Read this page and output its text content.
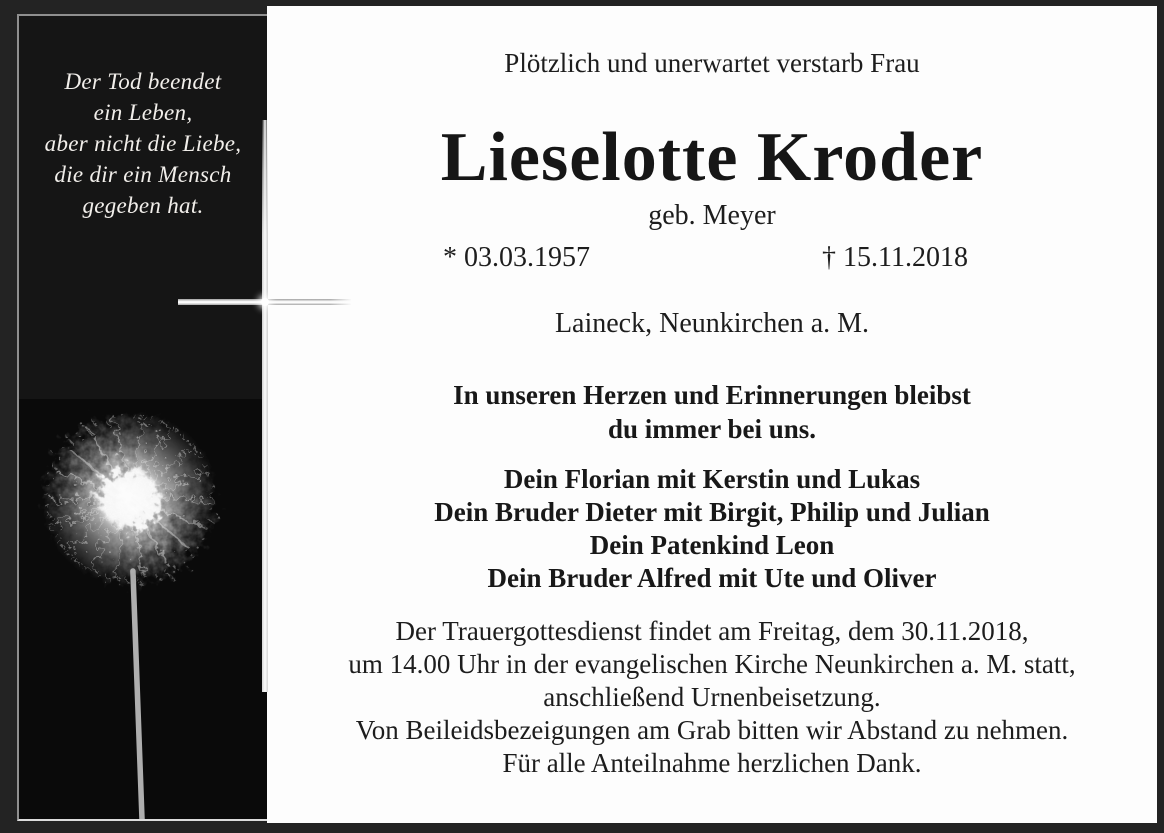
Der Tod beendet
ein Leben,
aber nicht die Liebe,
die dir ein Mensch
gegeben hat.
Plötzlich und unerwartet verstarb Frau
Lieselotte Kroder
geb. Meyer
* 03.03.1957	† 15.11.2018
Laineck, Neunkirchen a. M.
In unseren Herzen und Erinnerungen bleibst
du immer bei uns.
Dein Florian mit Kerstin und Lukas
Dein Bruder Dieter mit Birgit, Philip und Julian
Dein Patenkind Leon
Dein Bruder Alfred mit Ute und Oliver
Der Trauergottesdienst findet am Freitag, dem 30.11.2018,
um 14.00 Uhr in der evangelischen Kirche Neunkirchen a. M. statt,
anschließend Urnenbeisetzung.
Von Beileidsbezeigungen am Grab bitten wir Abstand zu nehmen.
Für alle Anteilnahme herzlichen Dank.
